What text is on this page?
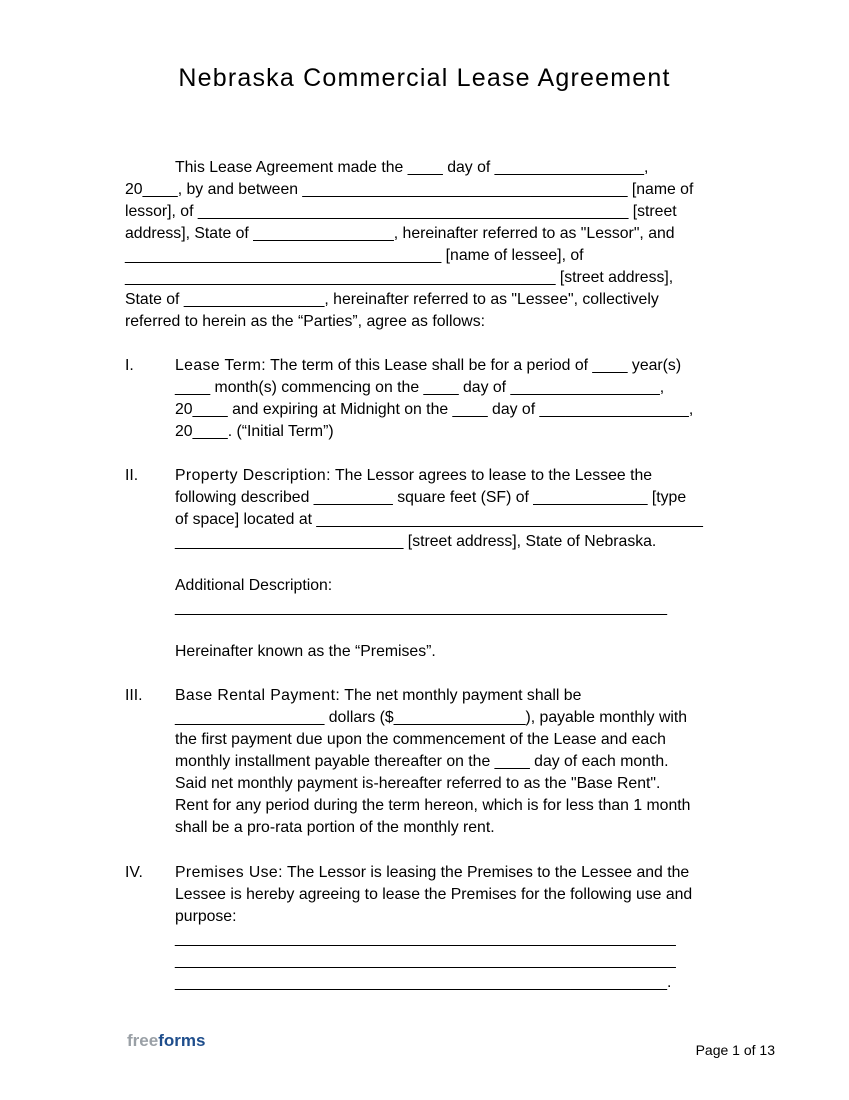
Nebraska Commercial Lease Agreement
This Lease Agreement made the ____ day of _________________,
20____, by and between _____________________________________ [name of
lessor], of _________________________________________________ [street
address], State of ________________, hereinafter referred to as "Lessor", and
____________________________________ [name of lessee], of
_________________________________________________ [street address],
State of ________________, hereinafter referred to as "Lessee", collectively
referred to herein as the “Parties”, agree as follows:
I.	Lease Term: The term of this Lease shall be for a period of ____ year(s)
____ month(s) commencing on the ____ day of _________________,
20____ and expiring at Midnight on the ____ day of _________________,
20____. (“Initial Term”)
II. Property Description: The Lessor agrees to lease to the Lessee the
following described _________ square feet (SF) of _____________ [type
of space] located at ____________________________________________
__________________________ [street address], State of Nebraska.
Additional Description:
________________________________________________________
Hereinafter known as the “Premises”.
III. Base Rental Payment: The net monthly payment shall be
_________________ dollars ($_______________), payable monthly with
the first payment due upon the commencement of the Lease and each
monthly installment payable thereafter on the ____ day of each month.
Said net monthly payment is-hereafter referred to as the "Base Rent".
Rent for any period during the term hereon, which is for less than 1 month
shall be a pro-rata portion of the monthly rent.
IV. Premises Use: The Lessor is leasing the Premises to the Lessee and the
Lessee is hereby agreeing to lease the Premises for the following use and
purpose:
_________________________________________________________
_________________________________________________________
________________________________________________________.
freeforms	Page 1 of 13
